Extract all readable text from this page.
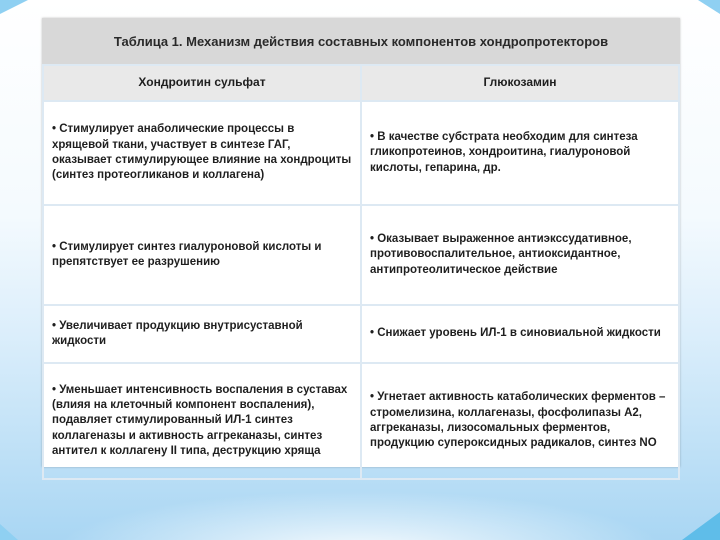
Таблица 1. Механизм действия составных компонентов хондропротекторов
Хондроитин сульфат	Глюкозамин
• Стимулирует анаболические процессы в хрящевой ткани, участвует в синтезе ГАГ, оказывает стимулирующее влияние на хондроциты (синтез протеогликанов и коллагена)	• В качестве субстрата необходим для синтеза гликопротеинов, хондроитина, гиалуроновой кислоты, гепарина, др.
• Стимулирует синтез гиалуроновой кислоты и препятствует ее разрушению	• Оказывает выраженное антиэкссудативное, противовоспалительное, антиоксидантное, антипротеолитическое действие
• Увеличивает продукцию внутрисуставной жидкости	• Снижает уровень ИЛ-1 в синовиальной жидкости
• Уменьшает интенсивность воспаления в суставах (влияя на клеточный компонент воспаления), подавляет стимулированный ИЛ-1 синтез коллагеназы и активность аггреканазы, синтез антител к коллагену II типа, деструкцию хряща	• Угнетает активность катаболических ферментов – стромелизина, коллагеназы, фосфолипазы А2, аггреканазы, лизосомальных ферментов, продукцию супероксидных радикалов, синтез NO
